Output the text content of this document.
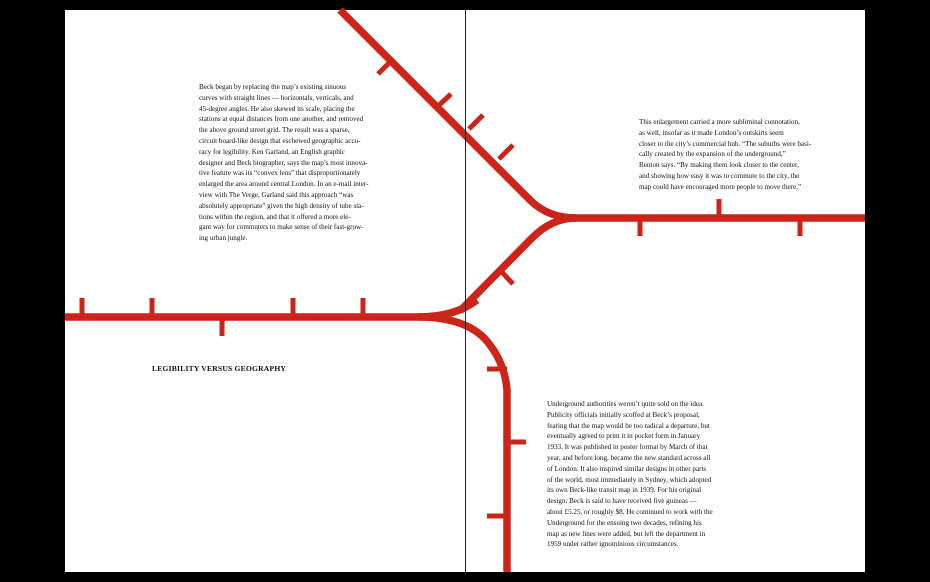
Beck began by replacing the map’s existing sinuous
curves with straight lines — horizontals, verticals, and
45-degree angles. He also skewed its scale, placing the
stations at equal distances from one another, and removed
the above ground street grid. The result was a sparse,
circuit board-like design that eschewed geographic accu-
racy for legibility. Ken Garland, an English graphic
designer and Beck biographer, says the map’s most innova-
tive feature was its “convex lens” that disproportionately
enlarged the area around central London. In an e-mail inter-
view with The Verge, Garland said this approach “was
absolutely appropriate” given the high density of tube sta-
tions within the region, and that it offered a more ele-
gant way for commuters to make sense of their fast-grow-
ing urban jungle.

LEGIBILITY VERSUS GEOGRAPHY

This enlargement carried a more subliminal connotation,
as well, insofar as it made London’s outskirts seem
closer to the city’s commercial hub. “The suburbs were basi-
cally created by the expansion of the underground,”
Renton says. “By making them look closer to the center,
and showing how easy it was to commute to the city, the
map could have encouraged more people to move there.”

Underground authorities weren’t quite sold on the idea.
Publicity officials initially scoffed at Beck’s proposal,
fearing that the map would be too radical a departure, but
eventually agreed to print it in pocket form in January
1933. It was published in poster format by March of that
year, and before long, became the new standard across all
of London. It also inspired similar designs in other parts
of the world, most immediately in Sydney, which adopted
its own Beck-like transit map in 1939. For his original
design, Beck is said to have received five guineas —
about £5.25, or roughly $8. He continued to work with the
Underground for the ensuing two decades, refining his
map as new lines were added, but left the department in
1959 under rather ignominious circumstances.
